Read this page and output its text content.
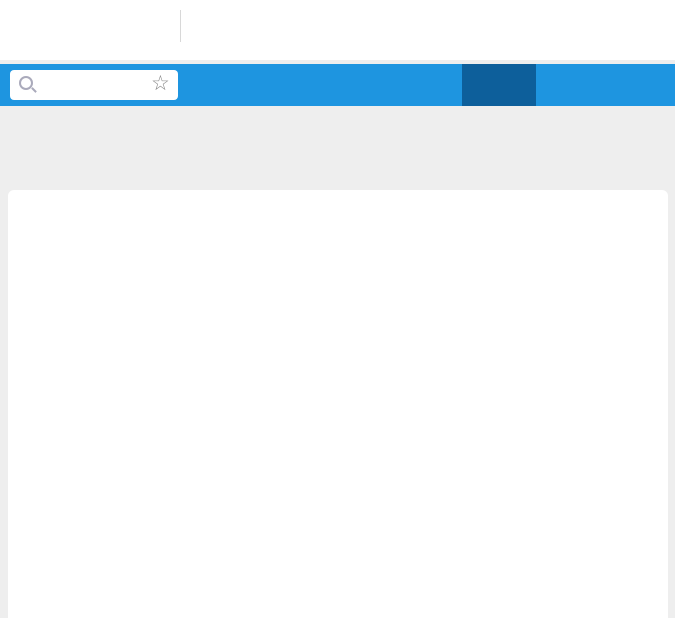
☆
